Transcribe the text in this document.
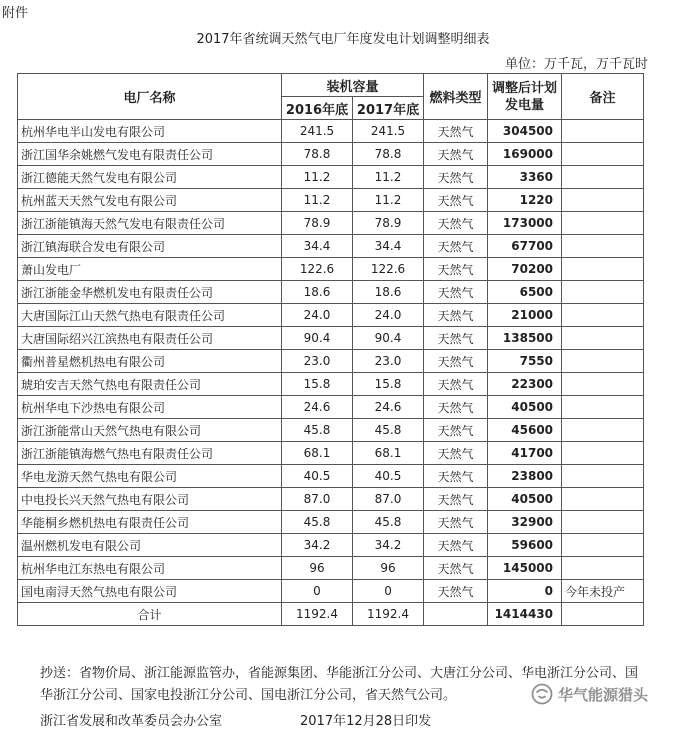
附件
2017年省统调天然气电厂年度发电计划调整明细表
单位：万千瓦，万千瓦时
电厂名称	装机容量		燃料类型	调整后计划发电量	备注
	2016年底	2017年底			
杭州华电半山发电有限公司	241.5	241.5	天然气	304500	
浙江国华余姚燃气发电有限责任公司	78.8	78.8	天然气	169000	
浙江德能天然气发电有限公司	11.2	11.2	天然气	3360	
杭州蓝天天然气发电有限公司	11.2	11.2	天然气	1220	
浙江浙能镇海天然气发电有限责任公司	78.9	78.9	天然气	173000	
浙江镇海联合发电有限公司	34.4	34.4	天然气	67700	
萧山发电厂	122.6	122.6	天然气	70200	
浙江浙能金华燃机发电有限责任公司	18.6	18.6	天然气	6500	
大唐国际江山天然气热电有限责任公司	24.0	24.0	天然气	21000	
大唐国际绍兴江滨热电有限责任公司	90.4	90.4	天然气	138500	
衢州普星燃机热电有限公司	23.0	23.0	天然气	7550	
琥珀安吉天然气热电有限责任公司	15.8	15.8	天然气	22300	
杭州华电下沙热电有限公司	24.6	24.6	天然气	40500	
浙江浙能常山天然气热电有限公司	45.8	45.8	天然气	45600	
浙江浙能镇海燃气热电有限责任公司	68.1	68.1	天然气	41700	
华电龙游天然气热电有限公司	40.5	40.5	天然气	23800	
中电投长兴天然气热电有限公司	87.0	87.0	天然气	40500	
华能桐乡燃机热电有限责任公司	45.8	45.8	天然气	32900	
温州燃机发电有限公司	34.2	34.2	天然气	59600	
杭州华电江东热电有限公司	96	96	天然气	145000	
国电南浔天然气热电有限公司	0	0	天然气	0	今年未投产
合计	1192.4	1192.4		1414430	
抄送：省物价局、浙江能源监管办，省能源集团、华能浙江分公司、大唐江分公司、华电浙江分公司、国华浙江分公司、国家电投浙江分公司、国电浙江分公司，省天然气公司。
浙江省发展和改革委员会办公室	2017年12月28日印发
华气能源猎头
